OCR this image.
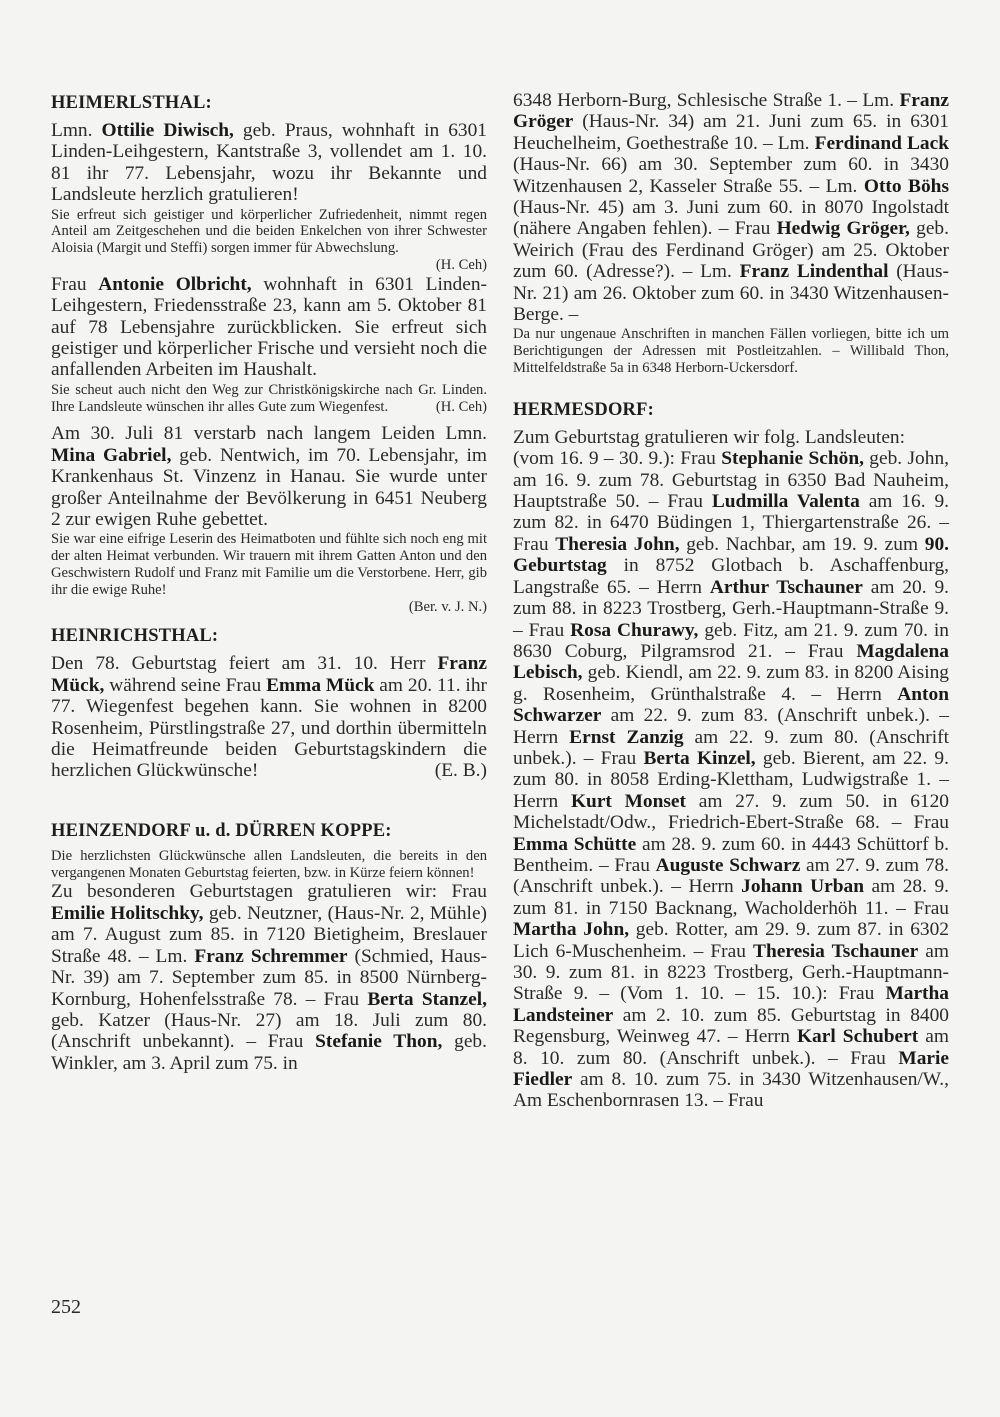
HEIMERLSTHAL:

Lmn. Ottilie Diwisch, geb. Praus, wohnhaft in 6301 Linden-Leihgestern, Kantstraße 3, vollendet am 1. 10. 81 ihr 77. Lebensjahr, wozu ihr Bekannte und Landsleute herzlich gratulieren!

Sie erfreut sich geistiger und körperlicher Zufriedenheit, nimmt regen Anteil am Zeitgeschehen und die beiden Enkelchen von ihrer Schwester Aloisia (Margit und Steffi) sorgen immer für Abwechslung.
(H. Ceh)

Frau Antonie Olbricht, wohnhaft in 6301 Linden-Leihgestern, Friedensstraße 23, kann am 5. Oktober 81 auf 78 Lebensjahre zurückblicken. Sie erfreut sich geistiger und körperlicher Frische und versieht noch die anfallenden Arbeiten im Haushalt.

Sie scheut auch nicht den Weg zur Christkönigskirche nach Gr. Linden. Ihre Landsleute wünschen ihr alles Gute zum Wiegenfest.	(H. Ceh)

Am 30. Juli 81 verstarb nach langem Leiden Lmn. Mina Gabriel, geb. Nentwich, im 70. Lebensjahr, im Krankenhaus St. Vinzenz in Hanau. Sie wurde unter großer Anteilnahme der Bevölkerung in 6451 Neuberg 2 zur ewigen Ruhe gebettet.

Sie war eine eifrige Leserin des Heimatboten und fühlte sich noch eng mit der alten Heimat verbunden. Wir trauern mit ihrem Gatten Anton und den Geschwistern Rudolf und Franz mit Familie um die Verstorbene. Herr, gib ihr die ewige Ruhe!
(Ber. v. J. N.)

HEINRICHSTHAL:

Den 78. Geburtstag feiert am 31. 10. Herr Franz Mück, während seine Frau Emma Mück am 20. 11. ihr 77. Wiegenfest begehen kann. Sie wohnen in 8200 Rosenheim, Pürstlingstraße 27, und dorthin übermitteln die Heimatfreunde beiden Geburtstagskindern die herzlichen Glückwünsche!	(E. B.)

HEINZENDORF u. d. DÜRREN KOPPE:

Die herzlichsten Glückwünsche allen Landsleuten, die bereits in den vergangenen Monaten Geburtstag feierten, bzw. in Kürze feiern können!

Zu besonderen Geburtstagen gratulieren wir: Frau Emilie Holitschky, geb. Neutzner, (Haus-Nr. 2, Mühle) am 7. August zum 85. in 7120 Bietigheim, Breslauer Straße 48. – Lm. Franz Schremmer (Schmied, Haus-Nr. 39) am 7. September zum 85. in 8500 Nürnberg-Kornburg, Hohenfelsstraße 78. – Frau Berta Stanzel, geb. Katzer (Haus-Nr. 27) am 18. Juli zum 80. (Anschrift unbekannt). – Frau Stefanie Thon, geb. Winkler, am 3. April zum 75. in

6348 Herborn-Burg, Schlesische Straße 1. – Lm. Franz Gröger (Haus-Nr. 34) am 21. Juni zum 65. in 6301 Heuchelheim, Goethestraße 10. – Lm. Ferdinand Lack (Haus-Nr. 66) am 30. September zum 60. in 3430 Witzenhausen 2, Kasseler Straße 55. – Lm. Otto Böhs (Haus-Nr. 45) am 3. Juni zum 60. in 8070 Ingolstadt (nähere Angaben fehlen). – Frau Hedwig Gröger, geb. Weirich (Frau des Ferdinand Gröger) am 25. Oktober zum 60. (Adresse?). – Lm. Franz Lindenthal (Haus-Nr. 21) am 26. Oktober zum 60. in 3430 Witzenhausen-Berge. –

Da nur ungenaue Anschriften in manchen Fällen vorliegen, bitte ich um Berichtigungen der Adressen mit Postleitzahlen. – Willibald Thon, Mittelfeldstraße 5a in 6348 Herborn-Uckersdorf.

HERMESDORF:

Zum Geburtstag gratulieren wir folg. Landsleuten:

(vom 16. 9 – 30. 9.): Frau Stephanie Schön, geb. John, am 16. 9. zum 78. Geburtstag in 6350 Bad Nauheim, Hauptstraße 50. – Frau Ludmilla Valenta am 16. 9. zum 82. in 6470 Büdingen 1, Thiergartenstraße 26. – Frau Theresia John, geb. Nachbar, am 19. 9. zum 90. Geburtstag in 8752 Glotbach b. Aschaffenburg, Langstraße 65. – Herrn Arthur Tschauner am 20. 9. zum 88. in 8223 Trostberg, Gerh.-Hauptmann-Straße 9. – Frau Rosa Churawy, geb. Fitz, am 21. 9. zum 70. in 8630 Coburg, Pilgramsrod 21. – Frau Magdalena Lebisch, geb. Kiendl, am 22. 9. zum 83. in 8200 Aising g. Rosenheim, Grünthalstraße 4. – Herrn Anton Schwarzer am 22. 9. zum 83. (Anschrift unbek.). – Herrn Ernst Zanzig am 22. 9. zum 80. (Anschrift unbek.). – Frau Berta Kinzel, geb. Bierent, am 22. 9. zum 80. in 8058 Erding-Klettham, Ludwigstraße 1. – Herrn Kurt Monset am 27. 9. zum 50. in 6120 Michelstadt/Odw., Friedrich-Ebert-Straße 68. – Frau Emma Schütte am 28. 9. zum 60. in 4443 Schüttorf b. Bentheim. – Frau Auguste Schwarz am 27. 9. zum 78. (Anschrift unbek.). – Herrn Johann Urban am 28. 9. zum 81. in 7150 Backnang, Wacholderhöh 11. – Frau Martha John, geb. Rotter, am 29. 9. zum 87. in 6302 Lich 6-Muschenheim. – Frau Theresia Tschauner am 30. 9. zum 81. in 8223 Trostberg, Gerh.-Hauptmann-Straße 9. – (Vom 1. 10. – 15. 10.): Frau Martha Landsteiner am 2. 10. zum 85. Geburtstag in 8400 Regensburg, Weinweg 47. – Herrn Karl Schubert am 8. 10. zum 80. (Anschrift unbek.). – Frau Marie Fiedler am 8. 10. zum 75. in 3430 Witzenhausen/W., Am Eschenbornrasen 13. – Frau

252
